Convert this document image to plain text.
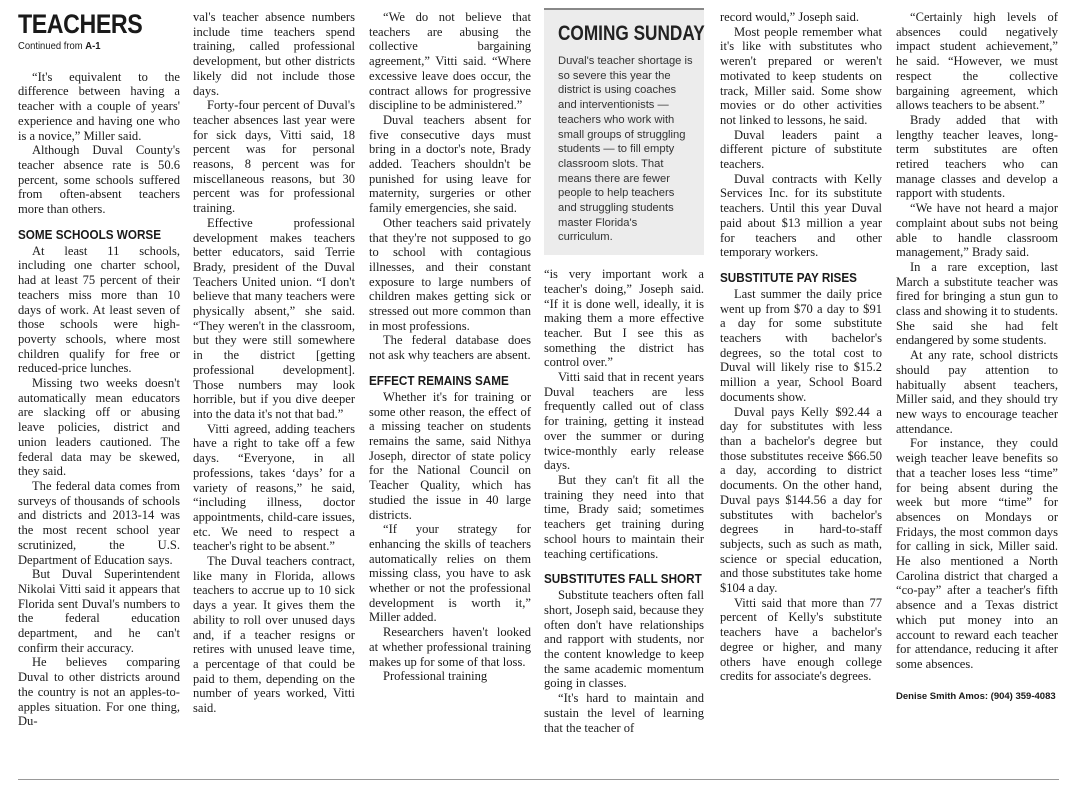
TEACHERS
Continued from A-1

“It's equivalent to the difference between having a teacher with a couple of years' experience and having one who is a novice,” Miller said.

Although Duval County's teacher absence rate is 50.6 percent, some schools suffered from often-absent teachers more than others.

SOME SCHOOLS WORSE

At least 11 schools, including one charter school, had at least 75 percent of their teachers miss more than 10 days of work. At least seven of those schools were high-poverty schools, where most children qualify for free or reduced-price lunches.

Missing two weeks doesn't automatically mean educators are slacking off or abusing leave policies, district and union leaders cautioned. The federal data may be skewed, they said.

The federal data comes from surveys of thousands of schools and districts and 2013-14 was the most recent school year scrutinized, the U.S. Department of Education says.

But Duval Superintendent Nikolai Vitti said it appears that Florida sent Duval's numbers to the federal education department, and he can't confirm their accuracy.

He believes comparing Duval to other districts around the country is not an apples-to-apples situation. For one thing, Du-

val's teacher absence numbers include time teachers spend training, called professional development, but other districts likely did not include those days.

Forty-four percent of Duval's teacher absences last year were for sick days, Vitti said, 18 percent was for personal reasons, 8 percent was for miscellaneous reasons, but 30 percent was for professional training.

Effective professional development makes teachers better educators, said Terrie Brady, president of the Duval Teachers United union. “I don't believe that many teachers were physically absent,” she said. “They weren't in the classroom, but they were still somewhere in the district [getting professional development]. Those numbers may look horrible, but if you dive deeper into the data it's not that bad.”

Vitti agreed, adding teachers have a right to take off a few days. “Everyone, in all professions, takes ‘days’ for a variety of reasons,” he said, “including illness, doctor appointments, child-care issues, etc. We need to respect a teacher's right to be absent.”

The Duval teachers contract, like many in Florida, allows teachers to accrue up to 10 sick days a year. It gives them the ability to roll over unused days and, if a teacher resigns or retires with unused leave time, a percentage of that could be paid to them, depending on the number of years worked, Vitti said.

“We do not believe that teachers are abusing the collective bargaining agreement,” Vitti said. “Where excessive leave does occur, the contract allows for progressive discipline to be administered.”

Duval teachers absent for five consecutive days must bring in a doctor's note, Brady added. Teachers shouldn't be punished for using leave for maternity, surgeries or other family emergencies, she said.

Other teachers said privately that they're not supposed to go to school with contagious illnesses, and their constant exposure to large numbers of children makes getting sick or stressed out more common than in most professions.

The federal database does not ask why teachers are absent.

EFFECT REMAINS SAME

Whether it's for training or some other reason, the effect of a missing teacher on students remains the same, said Nithya Joseph, director of state policy for the National Council on Teacher Quality, which has studied the issue in 40 large districts.

“If your strategy for enhancing the skills of teachers automatically relies on them missing class, you have to ask whether or not the professional development is worth it,” Miller added.

Researchers haven't looked at whether professional training makes up for some of that loss.

Professional training

COMING SUNDAY
Duval's teacher shortage is so severe this year the district is using coaches and interventionists — teachers who work with small groups of struggling students — to fill empty classroom slots. That means there are fewer people to help teachers and struggling students master Florida's curriculum.

“is very important work a teacher's doing,” Joseph said. “If it is done well, ideally, it is making them a more effective teacher. But I see this as something the district has control over.”

Vitti said that in recent years Duval teachers are less frequently called out of class for training, getting it instead over the summer or during twice-monthly early release days.

But they can't fit all the training they need into that time, Brady said; sometimes teachers get training during school hours to maintain their teaching certifications.

SUBSTITUTES FALL SHORT

Substitute teachers often fall short, Joseph said, because they often don't have relationships and rapport with students, nor the content knowledge to keep the same academic momentum going in classes.

“It's hard to maintain and sustain the level of learning that the teacher of

record would,” Joseph said.

Most people remember what it's like with substitutes who weren't prepared or weren't motivated to keep students on track, Miller said. Some show movies or do other activities not linked to lessons, he said.

Duval leaders paint a different picture of substitute teachers.

Duval contracts with Kelly Services Inc. for its substitute teachers. Until this year Duval paid about $13 million a year for teachers and other temporary workers.

SUBSTITUTE PAY RISES

Last summer the daily price went up from $70 a day to $91 a day for some substitute teachers with bachelor's degrees, so the total cost to Duval will likely rise to $15.2 million a year, School Board documents show.

Duval pays Kelly $92.44 a day for substitutes with less than a bachelor's degree but those substitutes receive $66.50 a day, according to district documents. On the other hand, Duval pays $144.56 a day for substitutes with bachelor's degrees in hard-to-staff subjects, such as such as math, science or special education, and those substitutes take home $104 a day.

Vitti said that more than 77 percent of Kelly's substitute teachers have a bachelor's degree or higher, and many others have enough college credits for associate's degrees.

“Certainly high levels of absences could negatively impact student achievement,” he said. “However, we must respect the collective bargaining agreement, which allows teachers to be absent.”

Brady added that with lengthy teacher leaves, long-term substitutes are often retired teachers who can manage classes and develop a rapport with students.

“We have not heard a major complaint about subs not being able to handle classroom management,” Brady said.

In a rare exception, last March a substitute teacher was fired for bringing a stun gun to class and showing it to students. She said she had felt endangered by some students.

At any rate, school districts should pay attention to habitually absent teachers, Miller said, and they should try new ways to encourage teacher attendance.

For instance, they could weigh teacher leave benefits so that a teacher loses less “time” for being absent during the week but more “time” for absences on Mondays or Fridays, the most common days for calling in sick, Miller said. He also mentioned a North Carolina district that charged a “co-pay” after a teacher's fifth absence and a Texas district which put money into an account to reward each teacher for attendance, reducing it after some absences.

Denise Smith Amos: (904) 359-4083
